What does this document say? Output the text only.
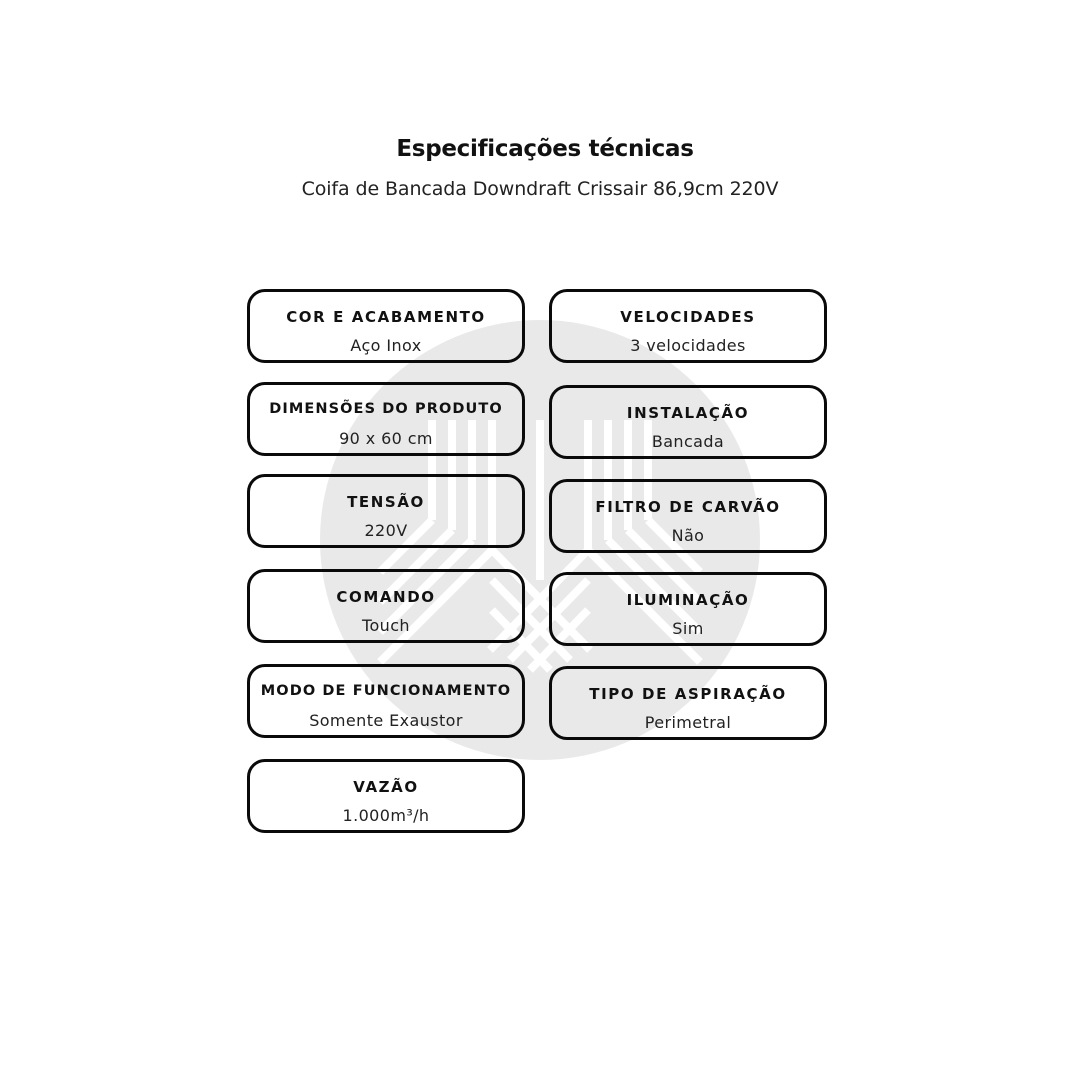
Especificações técnicas
Coifa de Bancada Downdraft Crissair 86,9cm 220V
COR E ACABAMENTO
Aço Inox
DIMENSÕES DO PRODUTO
90 x 60 cm
TENSÃO
220V
COMANDO
Touch
MODO DE FUNCIONAMENTO
Somente Exaustor
VAZÃO
1.000m³/h
VELOCIDADES
3 velocidades
INSTALAÇÃO
Bancada
FILTRO DE CARVÃO
Não
ILUMINAÇÃO
Sim
TIPO DE ASPIRAÇÃO
Perimetral
